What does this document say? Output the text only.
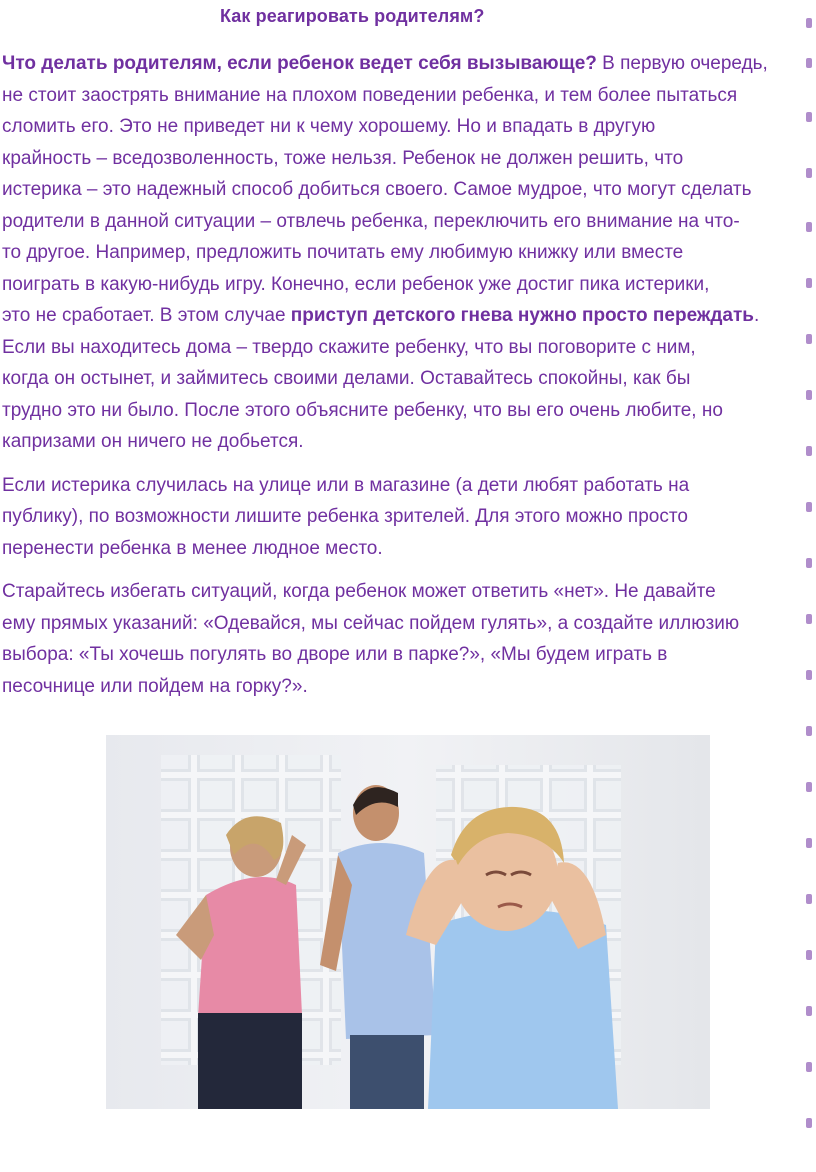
Как реагировать родителям?

Что делать родителям, если ребенок ведет себя вызывающе? В первую очередь,
не стоит заострять внимание на плохом поведении ребенка, и тем более пытаться
сломить его. Это не приведет ни к чему хорошему. Но и впадать в другую
крайность – вседозволенность, тоже нельзя. Ребенок не должен решить, что
истерика – это надежный способ добиться своего. Самое мудрое, что могут сделать
родители в данной ситуации – отвлечь ребенка, переключить его внимание на что-
то другое. Например, предложить почитать ему любимую книжку или вместе
поиграть в какую-нибудь игру. Конечно, если ребенок уже достиг пика истерики,
это не сработает. В этом случае приступ детского гнева нужно просто переждать.
Если вы находитесь дома – твердо скажите ребенку, что вы поговорите с ним,
когда он остынет, и займитесь своими делами. Оставайтесь спокойны, как бы
трудно это ни было. После этого объясните ребенку, что вы его очень любите, но
капризами он ничего не добьется.

Если истерика случилась на улице или в магазине (а дети любят работать на
публику), по возможности лишите ребенка зрителей. Для этого можно просто
перенести ребенка в менее людное место.

Старайтесь избегать ситуаций, когда ребенок может ответить «нет». Не давайте
ему прямых указаний: «Одевайся, мы сейчас пойдем гулять», а создайте иллюзию
выбора: «Ты хочешь погулять во дворе или в парке?», «Мы будем играть в
песочнице или пойдем на горку?».
